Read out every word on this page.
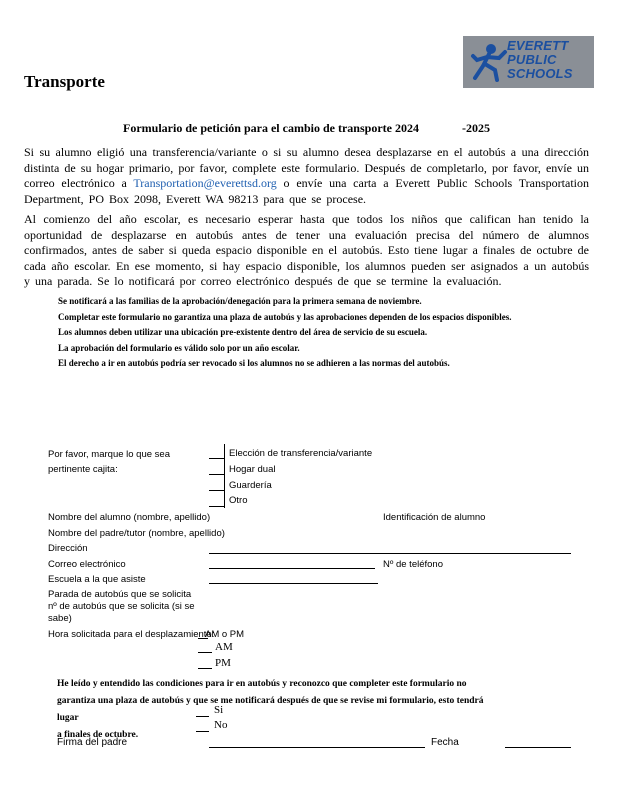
EVERETT
PUBLIC
SCHOOLS
Transporte
Formulario de petición para el cambio de transporte 2024	-2025
Si su alumno eligió una transferencia/variante o si su alumno desea desplazarse en el autobús a una dirección distinta de su hogar primario, por favor, complete este formulario. Después de completarlo, por favor, envíe un correo electrónico a Transportation@everettsd.org o envíe una carta a Everett Public Schools Transportation Department, PO Box 2098, Everett WA 98213 para que se procese.
Al comienzo del año escolar, es necesario esperar hasta que todos los niños que califican han tenido la oportunidad de desplazarse en autobús antes de tener una evaluación precisa del número de alumnos confirmados, antes de saber si queda espacio disponible en el autobús. Esto tiene lugar a finales de octubre de cada año escolar. En ese momento, si hay espacio disponible, los alumnos pueden ser asignados a un autobús y una parada. Se lo notificará por correo electrónico después de que se termine la evaluación.
Se notificará a las familias de la aprobación/denegación para la primera semana de noviembre.
Completar este formulario no garantiza una plaza de autobús y las aprobaciones dependen de los espacios disponibles.
Los alumnos deben utilizar una ubicación pre-existente dentro del área de servicio de su escuela.
La aprobación del formulario es válido solo por un año escolar.
El derecho a ir en autobús podría ser revocado si los alumnos no se adhieren a las normas del autobús.
Por favor, marque lo que sea
pertinente cajita:
Elección de transferencia/variante
Hogar dual
Guardería
Otro
Nombre del alumno (nombre, apellido)	Identificación de alumno
Nombre del padre/tutor (nombre, apellido)
Dirección
Correo electrónico	Nº de teléfono
Escuela a la que asiste
Parada de autobús que se solicita
nº de autobús que se solicita (si se
sabe)
Hora solicitada para el desplazamiento:
AM o PM
AM
PM
He leído y entendido las condiciones para ir en autobús y reconozco que completer este formulario no
garantiza una plaza de autobús y que se me notificará después de que se revise mi formulario, esto tendrá lugar
a finales de octubre.
Si
No
Firma del padre	Fecha
